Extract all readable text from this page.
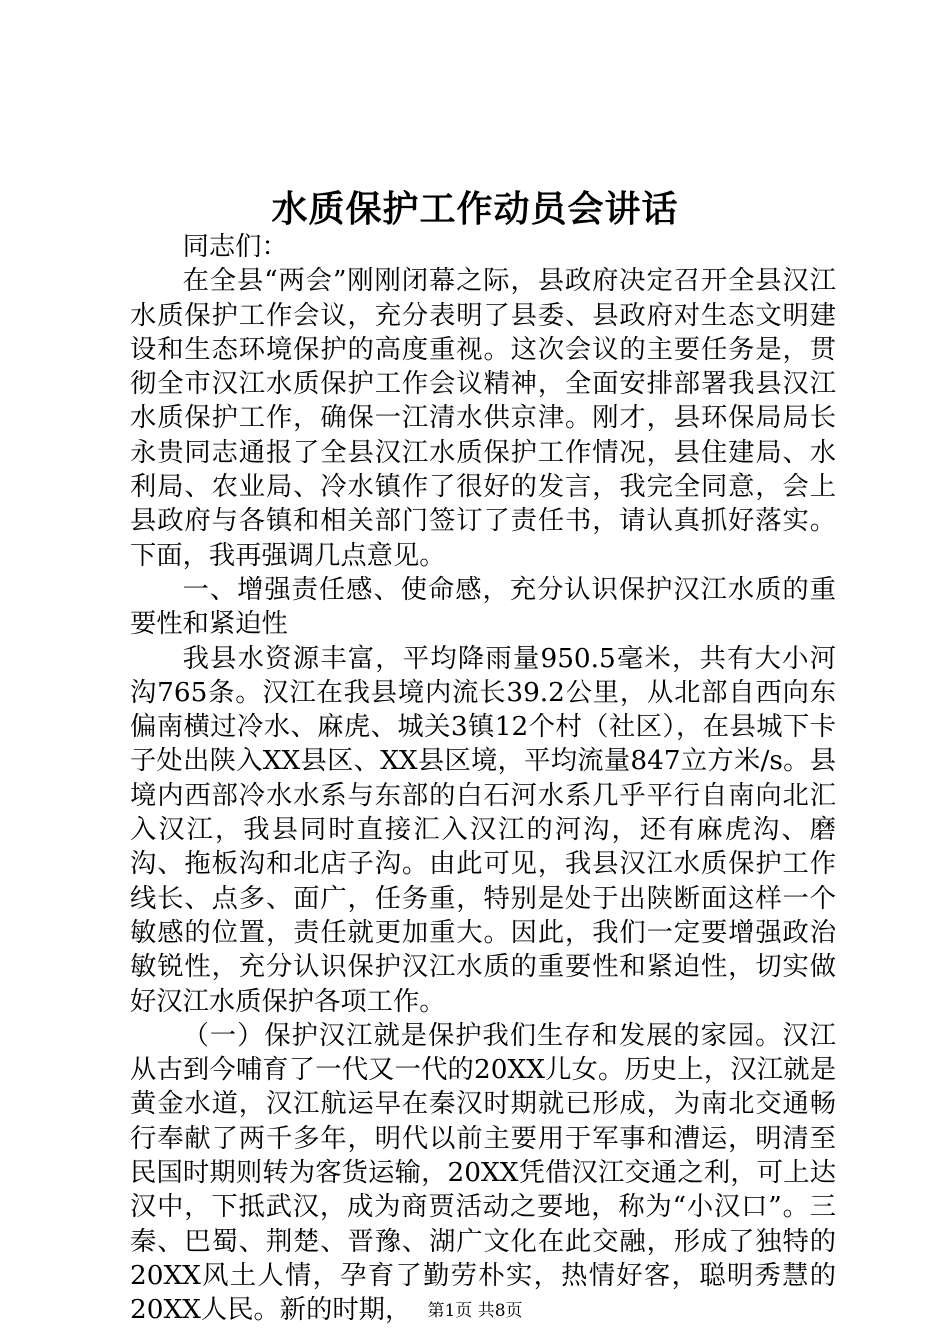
水质保护工作动员会讲话

同志们：

在全县“两会”刚刚闭幕之际，县政府决定召开全县汉江水质保护工作会议，充分表明了县委、县政府对生态文明建设和生态环境保护的高度重视。这次会议的主要任务是，贯彻全市汉江水质保护工作会议精神，全面安排部署我县汉江水质保护工作，确保一江清水供京津。刚才，县环保局局长永贵同志通报了全县汉江水质保护工作情况，县住建局、水利局、农业局、冷水镇作了很好的发言，我完全同意，会上县政府与各镇和相关部门签订了责任书，请认真抓好落实。下面，我再强调几点意见。

一、增强责任感、使命感，充分认识保护汉江水质的重要性和紧迫性

我县水资源丰富，平均降雨量950.5毫米，共有大小河沟765条。汉江在我县境内流长39.2公里，从北部自西向东偏南横过冷水、麻虎、城关3镇12个村（社区），在县城下卡子处出陕入XX县区、XX县区境，平均流量847立方米/s。县境内西部冷水水系与东部的白石河水系几乎平行自南向北汇入汉江，我县同时直接汇入汉江的河沟，还有麻虎沟、磨沟、拖板沟和北店子沟。由此可见，我县汉江水质保护工作线长、点多、面广，任务重，特别是处于出陕断面这样一个敏感的位置，责任就更加重大。因此，我们一定要增强政治敏锐性，充分认识保护汉江水质的重要性和紧迫性，切实做好汉江水质保护各项工作。

（一）保护汉江就是保护我们生存和发展的家园。汉江从古到今哺育了一代又一代的20XX儿女。历史上，汉江就是黄金水道，汉江航运早在秦汉时期就已形成，为南北交通畅行奉献了两千多年，明代以前主要用于军事和漕运，明清至民国时期则转为客货运输，20XX凭借汉江交通之利，可上达汉中，下抵武汉，成为商贾活动之要地，称为“小汉口”。三秦、巴蜀、荆楚、晋豫、湖广文化在此交融，形成了独特的20XX风土人情，孕育了勤劳朴实，热情好客，聪明秀慧的20XX人民。新的时期， 第1页 共8页
